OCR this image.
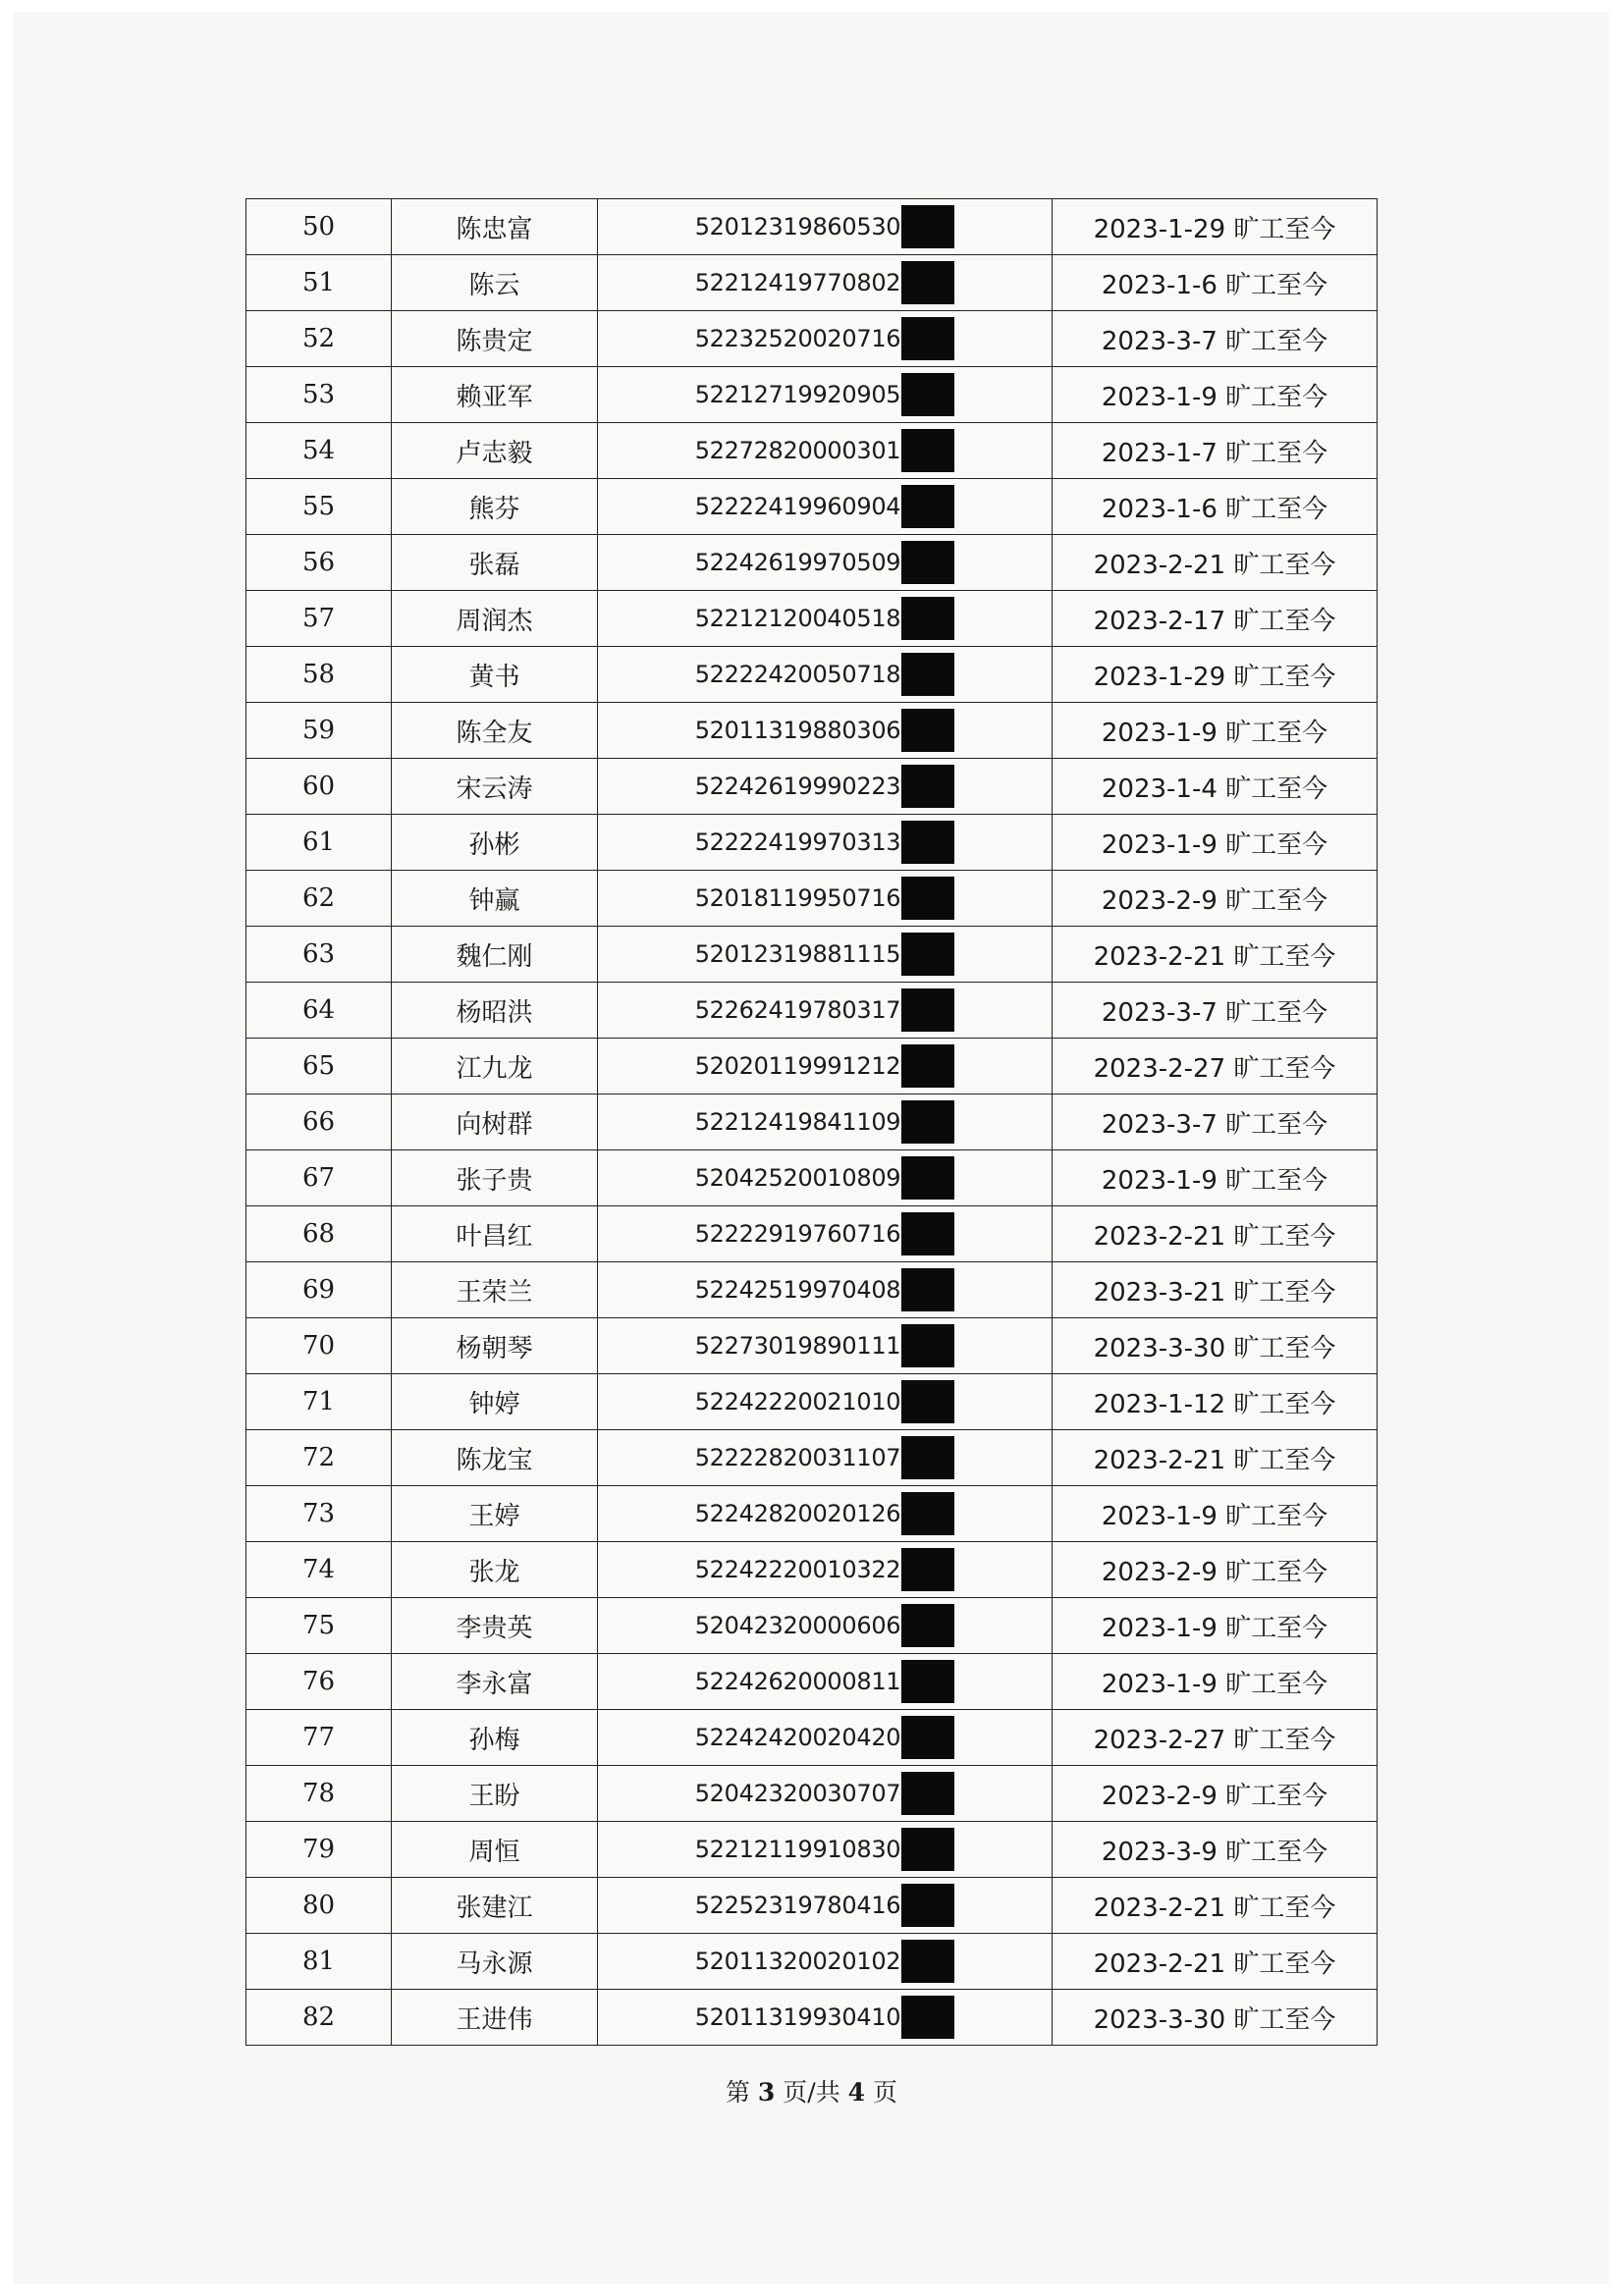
50	陈忠富	52012319860530	2023-1-29 旷工至今
51	陈云	52212419770802	2023-1-6 旷工至今
52	陈贵定	52232520020716	2023-3-7 旷工至今
53	赖亚军	52212719920905	2023-1-9 旷工至今
54	卢志毅	52272820000301	2023-1-7 旷工至今
55	熊芬	52222419960904	2023-1-6 旷工至今
56	张磊	52242619970509	2023-2-21 旷工至今
57	周润杰	52212120040518	2023-2-17 旷工至今
58	黄书	52222420050718	2023-1-29 旷工至今
59	陈全友	52011319880306	2023-1-9 旷工至今
60	宋云涛	52242619990223	2023-1-4 旷工至今
61	孙彬	52222419970313	2023-1-9 旷工至今
62	钟赢	52018119950716	2023-2-9 旷工至今
63	魏仁刚	52012319881115	2023-2-21 旷工至今
64	杨昭洪	52262419780317	2023-3-7 旷工至今
65	江九龙	52020119991212	2023-2-27 旷工至今
66	向树群	52212419841109	2023-3-7 旷工至今
67	张子贵	52042520010809	2023-1-9 旷工至今
68	叶昌红	52222919760716	2023-2-21 旷工至今
69	王荣兰	52242519970408	2023-3-21 旷工至今
70	杨朝琴	52273019890111	2023-3-30 旷工至今
71	钟婷	52242220021010	2023-1-12 旷工至今
72	陈龙宝	52222820031107	2023-2-21 旷工至今
73	王婷	52242820020126	2023-1-9 旷工至今
74	张龙	52242220010322	2023-2-9 旷工至今
75	李贵英	52042320000606	2023-1-9 旷工至今
76	李永富	52242620000811	2023-1-9 旷工至今
77	孙梅	52242420020420	2023-2-27 旷工至今
78	王盼	52042320030707	2023-2-9 旷工至今
79	周恒	52212119910830	2023-3-9 旷工至今
80	张建江	52252319780416	2023-2-21 旷工至今
81	马永源	52011320020102	2023-2-21 旷工至今
82	王进伟	52011319930410	2023-3-30 旷工至今
第 3 页/共 4 页
